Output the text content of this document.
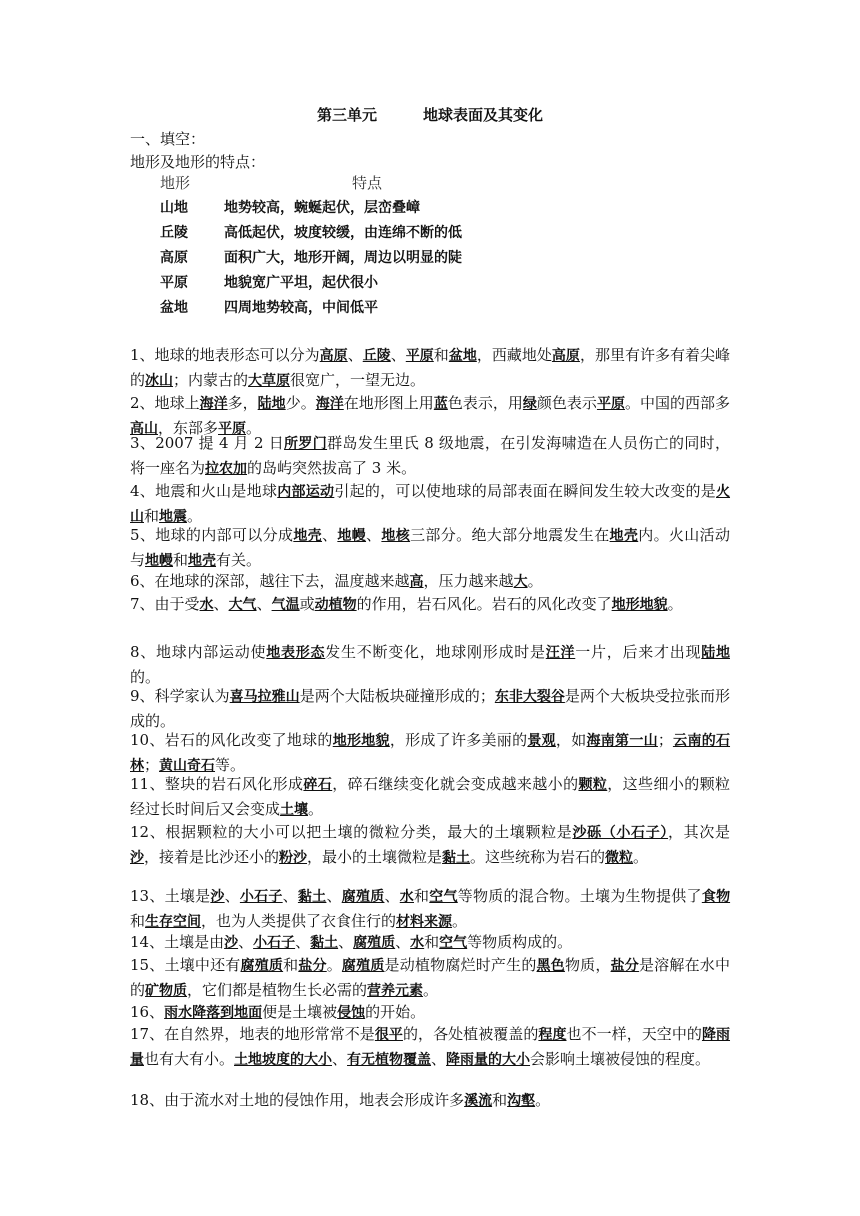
第三单元	地球表面及其变化
一、填空：
地形及地形的特点：
地形	特点
山地	地势较高，蜿蜒起伏，层峦叠嶂
丘陵	高低起伏，坡度较缓，由连绵不断的低
高原	面积广大，地形开阔，周边以明显的陡
平原	地貌宽广平坦，起伏很小
盆地	四周地势较高，中间低平
1、地球的地表形态可以分为高原、丘陵、平原和盆地，西藏地处高原，那里有许多有着尖峰的冰山；内蒙古的大草原很宽广，一望无边。
2、地球上海洋多，陆地少。海洋在地形图上用蓝色表示，用绿颜色表示平原。中国的西部多高山，东部多平原。
3、2007 提 4 月 2 日所罗门群岛发生里氏 8 级地震，在引发海啸造在人员伤亡的同时，将一座名为拉农加的岛屿突然拔高了 3 米。
4、地震和火山是地球内部运动引起的，可以使地球的局部表面在瞬间发生较大改变的是火山和地震。
5、地球的内部可以分成地壳、地幔、地核三部分。绝大部分地震发生在地壳内。火山活动与地幔和地壳有关。
6、在地球的深部，越往下去，温度越来越高，压力越来越大。
7、由于受水、大气、气温或动植物的作用，岩石风化。岩石的风化改变了地形地貌。
8、地球内部运动使地表形态发生不断变化，地球刚形成时是汪洋一片，后来才出现陆地的。
9、科学家认为喜马拉雅山是两个大陆板块碰撞形成的；东非大裂谷是两个大板块受拉张而形成的。
10、岩石的风化改变了地球的地形地貌，形成了许多美丽的景观，如海南第一山；云南的石林；黄山奇石等。
11、整块的岩石风化形成碎石，碎石继续变化就会变成越来越小的颗粒，这些细小的颗粒经过长时间后又会变成土壤。
12、根据颗粒的大小可以把土壤的微粒分类，最大的土壤颗粒是沙砾（小石子），其次是沙，接着是比沙还小的粉沙，最小的土壤微粒是黏土。这些统称为岩石的微粒。
13、土壤是沙、小石子、黏土、腐殖质、水和空气等物质的混合物。土壤为生物提供了食物和生存空间，也为人类提供了衣食住行的材料来源。
14、土壤是由沙、小石子、黏土、腐殖质、水和空气等物质构成的。
15、土壤中还有腐殖质和盐分。腐殖质是动植物腐烂时产生的黑色物质，盐分是溶解在水中的矿物质，它们都是植物生长必需的营养元素。
16、雨水降落到地面便是土壤被侵蚀的开始。
17、在自然界，地表的地形常常不是很平的，各处植被覆盖的程度也不一样，天空中的降雨量也有大有小。土地坡度的大小、有无植物覆盖、降雨量的大小会影响土壤被侵蚀的程度。
18、由于流水对土地的侵蚀作用，地表会形成许多溪流和沟壑。
